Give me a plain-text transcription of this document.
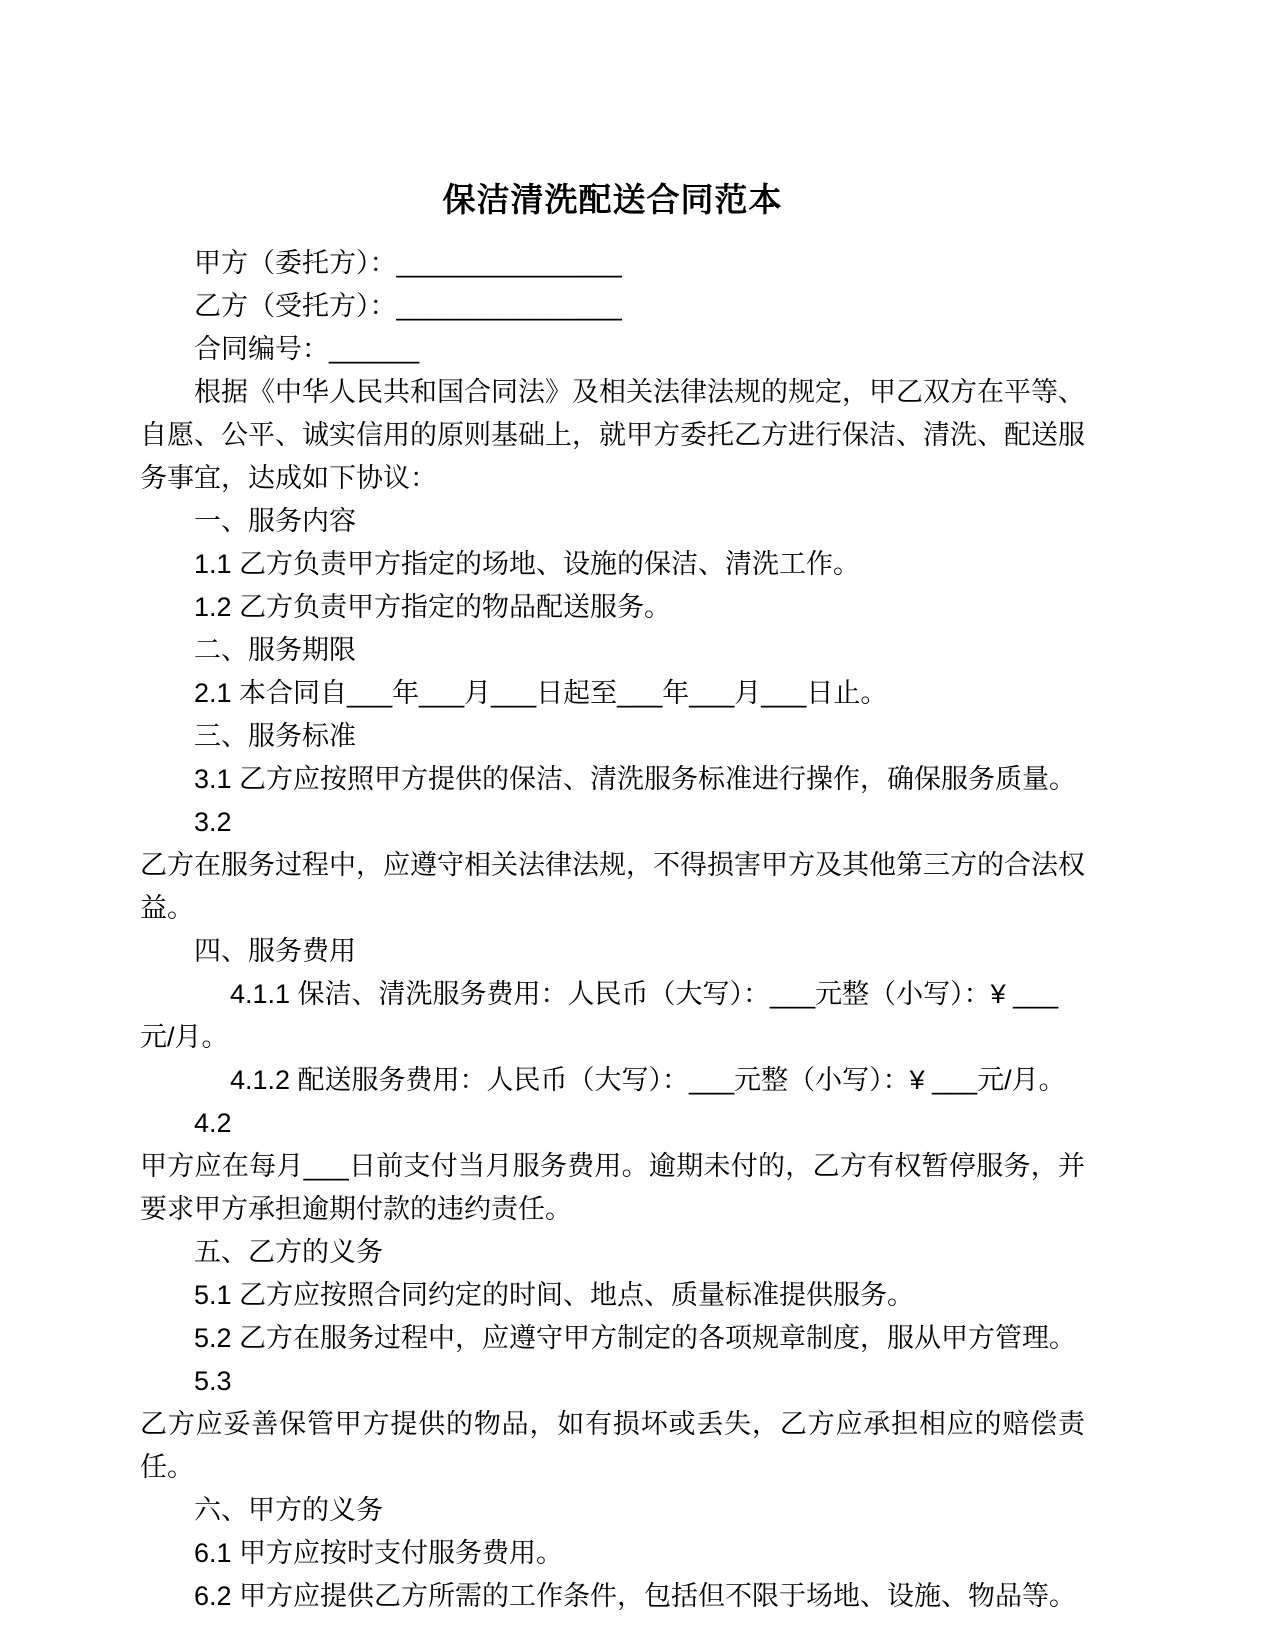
保洁清洗配送合同范本

甲方（委托方）：_______________

乙方（受托方）：_______________

合同编号：______

根据《中华人民共和国合同法》及相关法律法规的规定，甲乙双方在平等、自愿、公平、诚实信用的原则基础上，就甲方委托乙方进行保洁、清洗、配送服务事宜，达成如下协议：

一、服务内容

1.1 乙方负责甲方指定的场地、设施的保洁、清洗工作。

1.2 乙方负责甲方指定的物品配送服务。

二、服务期限

2.1 本合同自___年___月___日起至___年___月___日止。

三、服务标准

3.1 乙方应按照甲方提供的保洁、清洗服务标准进行操作，确保服务质量。

3.2

乙方在服务过程中，应遵守相关法律法规，不得损害甲方及其他第三方的合法权益。

四、服务费用

4.1.1 保洁、清洗服务费用：人民币（大写）：___元整（小写）：¥ ___元/月。

4.1.2 配送服务费用：人民币（大写）：___元整（小写）：¥ ___元/月。

4.2

甲方应在每月___日前支付当月服务费用。逾期未付的，乙方有权暂停服务，并要求甲方承担逾期付款的违约责任。

五、乙方的义务

5.1 乙方应按照合同约定的时间、地点、质量标准提供服务。

5.2 乙方在服务过程中，应遵守甲方制定的各项规章制度，服从甲方管理。

5.3

乙方应妥善保管甲方提供的物品，如有损坏或丢失，乙方应承担相应的赔偿责任。

六、甲方的义务

6.1 甲方应按时支付服务费用。

6.2 甲方应提供乙方所需的工作条件，包括但不限于场地、设施、物品等。
